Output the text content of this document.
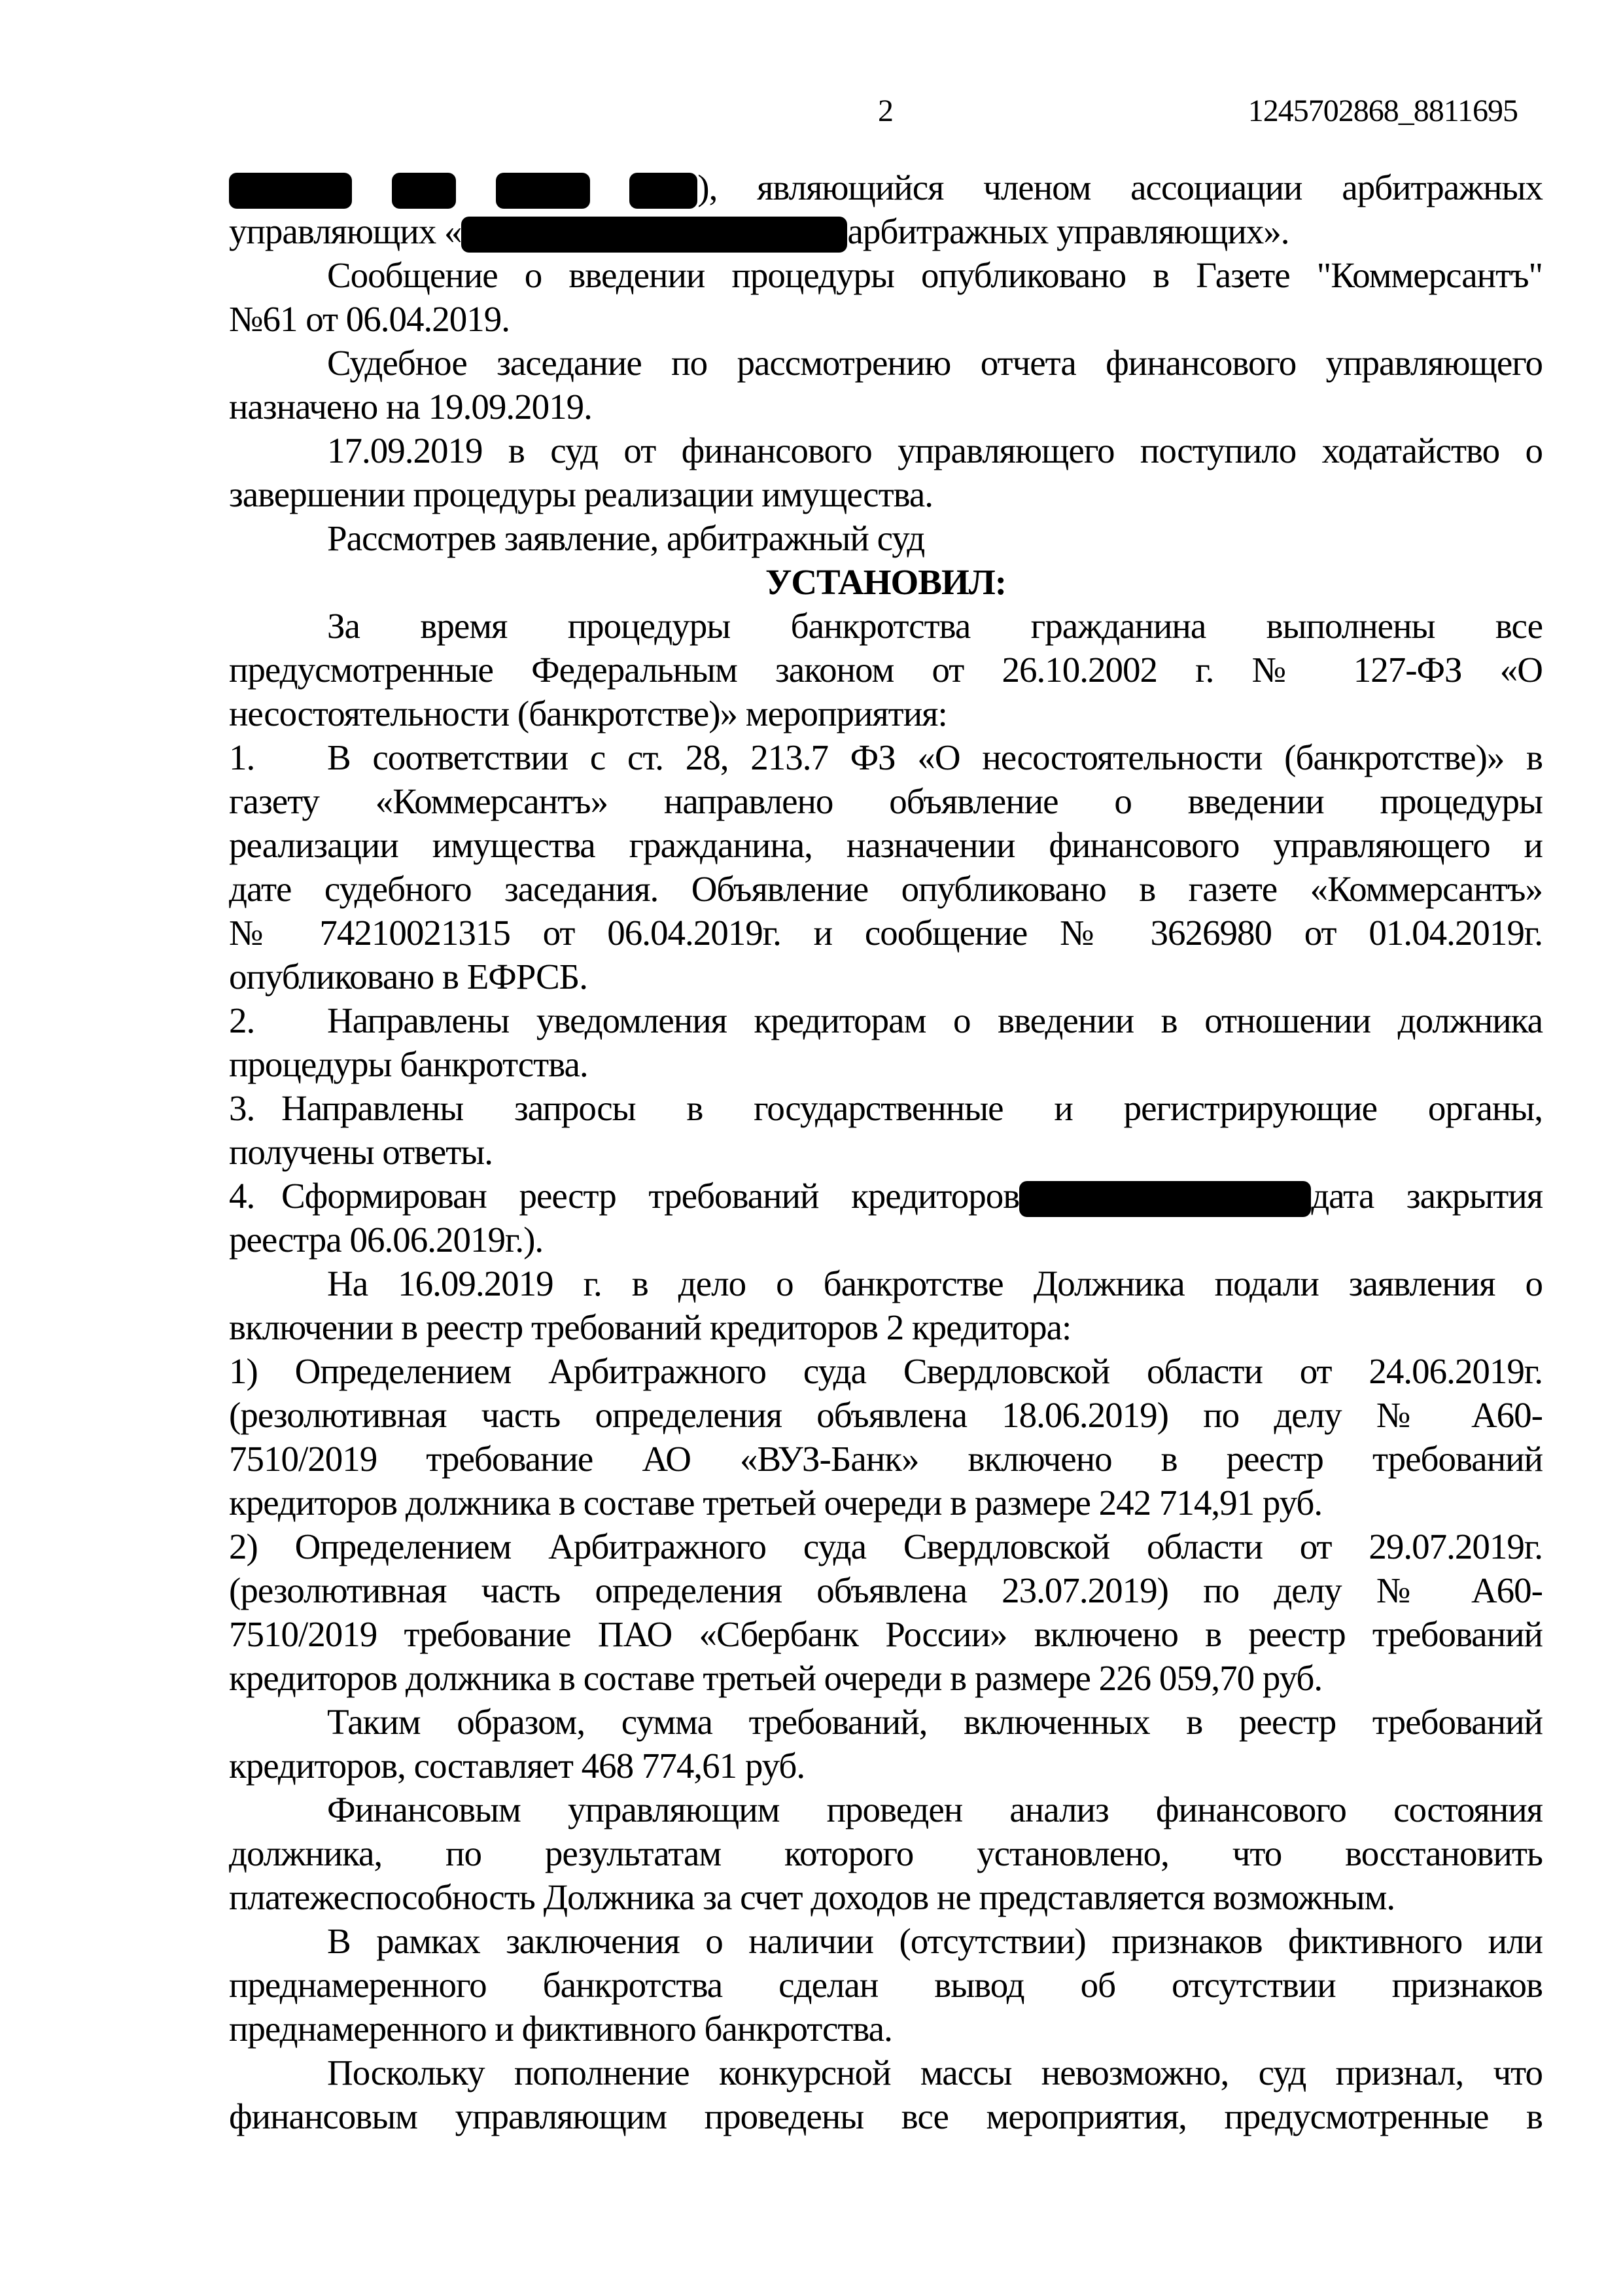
1245702868_8811695
2
), являющийся членом ассоциации арбитражных
управляющих «	арбитражных управляющих».
Сообщение о введении процедуры опубликовано в Газете "Коммерсантъ"
№61 от 06.04.2019.
Судебное заседание по рассмотрению отчета финансового управляющего
назначено на 19.09.2019.
17.09.2019 в суд от финансового управляющего поступило ходатайство о
завершении процедуры реализации имущества.
Рассмотрев заявление, арбитражный суд
УСТАНОВИЛ:
За время процедуры банкротства гражданина выполнены все
предусмотренные Федеральным законом от 26.10.2002 г. № 127-ФЗ «О
несостоятельности (банкротстве)» мероприятия:
1. В соответствии с ст. 28, 213.7 ФЗ «О несостоятельности (банкротстве)» в
газету «Коммерсантъ» направлено объявление о введении процедуры
реализации имущества гражданина, назначении финансового управляющего и
дате судебного заседания. Объявление опубликовано в газете «Коммерсантъ»
№ 74210021315 от 06.04.2019г. и сообщение № 3626980 от 01.04.2019г.
опубликовано в ЕФРСБ.
2. Направлены уведомления кредиторам о введении в отношении должника
процедуры банкротства.
3. Направлены запросы в государственные и регистрирующие органы,
получены ответы.
4. Сформирован реестр требований кредиторов	дата закрытия
реестра 06.06.2019г.).
На 16.09.2019 г. в дело о банкротстве Должника подали заявления о
включении в реестр требований кредиторов 2 кредитора:
1) Определением Арбитражного суда Свердловской области от 24.06.2019г.
(резолютивная часть определения объявлена 18.06.2019) по делу № А60-
7510/2019 требование АО «ВУЗ-Банк» включено в реестр требований
кредиторов должника в составе третьей очереди в размере 242 714,91 руб.
2) Определением Арбитражного суда Свердловской области от 29.07.2019г.
(резолютивная часть определения объявлена 23.07.2019) по делу № А60-
7510/2019 требование ПАО «Сбербанк России» включено в реестр требований
кредиторов должника в составе третьей очереди в размере 226 059,70 руб.
Таким образом, сумма требований, включенных в реестр требований
кредиторов, составляет 468 774,61 руб.
Финансовым управляющим проведен анализ финансового состояния
должника, по результатам которого установлено, что восстановить
платежеспособность Должника за счет доходов не представляется возможным.
В рамках заключения о наличии (отсутствии) признаков фиктивного или
преднамеренного банкротства сделан вывод об отсутствии признаков
преднамеренного и фиктивного банкротства.
Поскольку пополнение конкурсной массы невозможно, суд признал, что
финансовым управляющим проведены все мероприятия, предусмотренные в
